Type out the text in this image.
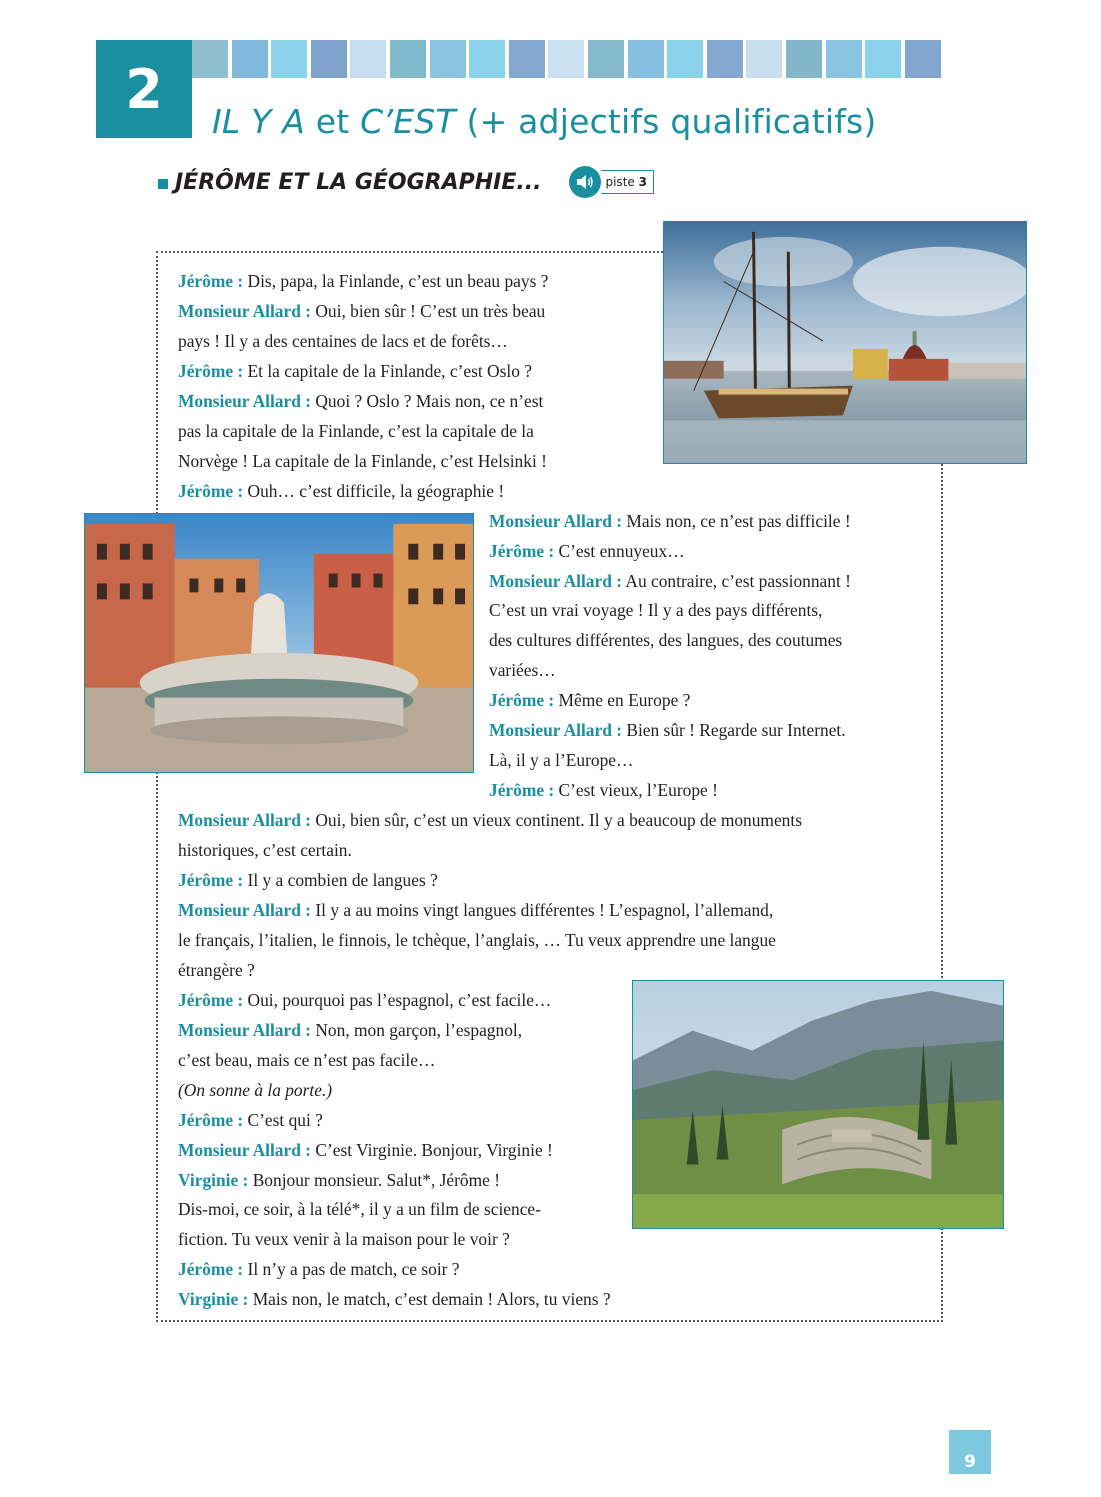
2
IL Y A et C’EST (+ adjectifs qualificatifs)
JÉRÔME ET LA GÉOGRAPHIE...	piste 3
Jérôme : Dis, papa, la Finlande, c’est un beau pays ?
Monsieur Allard : Oui, bien sûr ! C’est un très beau
pays ! Il y a des centaines de lacs et de forêts…
Jérôme : Et la capitale de la Finlande, c’est Oslo ?
Monsieur Allard : Quoi ? Oslo ? Mais non, ce n’est
pas la capitale de la Finlande, c’est la capitale de la
Norvège ! La capitale de la Finlande, c’est Helsinki !
Jérôme : Ouh… c’est difficile, la géographie !
Monsieur Allard : Mais non, ce n’est pas difficile !
Jérôme : C’est ennuyeux…
Monsieur Allard : Au contraire, c’est passionnant !
C’est un vrai voyage ! Il y a des pays différents,
des cultures différentes, des langues, des coutumes
variées…
Jérôme : Même en Europe ?
Monsieur Allard : Bien sûr ! Regarde sur Internet.
Là, il y a l’Europe…
Jérôme : C’est vieux, l’Europe !
Monsieur Allard : Oui, bien sûr, c’est un vieux continent. Il y a beaucoup de monuments
historiques, c’est certain.
Jérôme : Il y a combien de langues ?
Monsieur Allard : Il y a au moins vingt langues différentes ! L’espagnol, l’allemand,
le français, l’italien, le finnois, le tchèque, l’anglais, … Tu veux apprendre une langue
étrangère ?
Jérôme : Oui, pourquoi pas l’espagnol, c’est facile…
Monsieur Allard : Non, mon garçon, l’espagnol,
c’est beau, mais ce n’est pas facile…
(On sonne à la porte.)
Jérôme : C’est qui ?
Monsieur Allard : C’est Virginie. Bonjour, Virginie !
Virginie : Bonjour monsieur. Salut*, Jérôme !
Dis-moi, ce soir, à la télé*, il y a un film de science-
fiction. Tu veux venir à la maison pour le voir ?
Jérôme : Il n’y a pas de match, ce soir ?
Virginie : Mais non, le match, c’est demain ! Alors, tu viens ?
9
